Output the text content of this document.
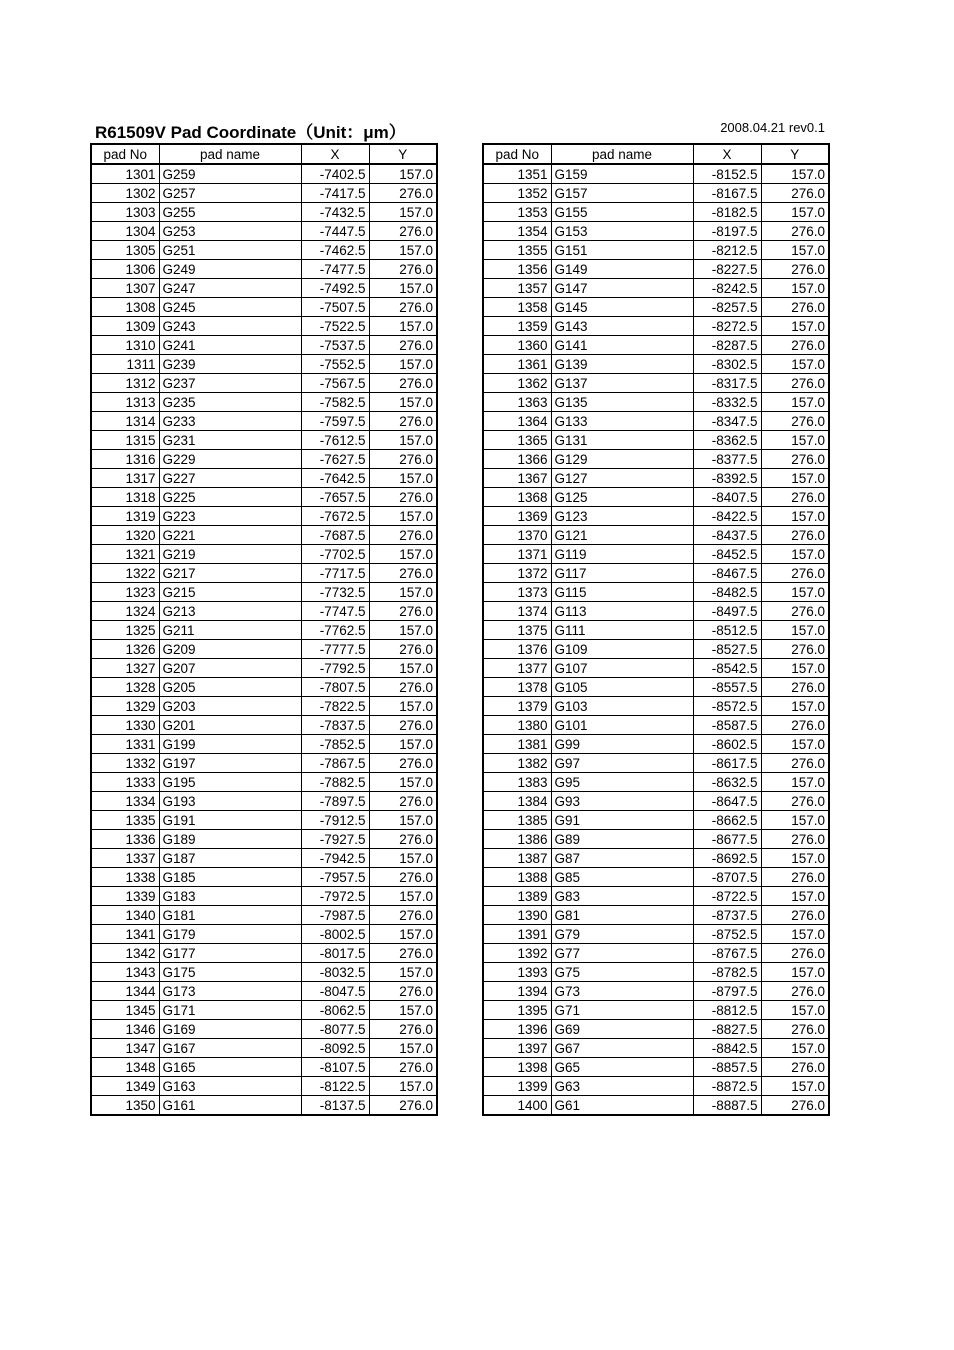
R61509V Pad Coordinate（Unit：μm）	2008.04.21 rev0.1
pad No	pad name	X	Y
1301	G259	-7402.5	157.0
1302	G257	-7417.5	276.0
1303	G255	-7432.5	157.0
1304	G253	-7447.5	276.0
1305	G251	-7462.5	157.0
1306	G249	-7477.5	276.0
1307	G247	-7492.5	157.0
1308	G245	-7507.5	276.0
1309	G243	-7522.5	157.0
1310	G241	-7537.5	276.0
1311	G239	-7552.5	157.0
1312	G237	-7567.5	276.0
1313	G235	-7582.5	157.0
1314	G233	-7597.5	276.0
1315	G231	-7612.5	157.0
1316	G229	-7627.5	276.0
1317	G227	-7642.5	157.0
1318	G225	-7657.5	276.0
1319	G223	-7672.5	157.0
1320	G221	-7687.5	276.0
1321	G219	-7702.5	157.0
1322	G217	-7717.5	276.0
1323	G215	-7732.5	157.0
1324	G213	-7747.5	276.0
1325	G211	-7762.5	157.0
1326	G209	-7777.5	276.0
1327	G207	-7792.5	157.0
1328	G205	-7807.5	276.0
1329	G203	-7822.5	157.0
1330	G201	-7837.5	276.0
1331	G199	-7852.5	157.0
1332	G197	-7867.5	276.0
1333	G195	-7882.5	157.0
1334	G193	-7897.5	276.0
1335	G191	-7912.5	157.0
1336	G189	-7927.5	276.0
1337	G187	-7942.5	157.0
1338	G185	-7957.5	276.0
1339	G183	-7972.5	157.0
1340	G181	-7987.5	276.0
1341	G179	-8002.5	157.0
1342	G177	-8017.5	276.0
1343	G175	-8032.5	157.0
1344	G173	-8047.5	276.0
1345	G171	-8062.5	157.0
1346	G169	-8077.5	276.0
1347	G167	-8092.5	157.0
1348	G165	-8107.5	276.0
1349	G163	-8122.5	157.0
1350	G161	-8137.5	276.0
pad No	pad name	X	Y
1351	G159	-8152.5	157.0
1352	G157	-8167.5	276.0
1353	G155	-8182.5	157.0
1354	G153	-8197.5	276.0
1355	G151	-8212.5	157.0
1356	G149	-8227.5	276.0
1357	G147	-8242.5	157.0
1358	G145	-8257.5	276.0
1359	G143	-8272.5	157.0
1360	G141	-8287.5	276.0
1361	G139	-8302.5	157.0
1362	G137	-8317.5	276.0
1363	G135	-8332.5	157.0
1364	G133	-8347.5	276.0
1365	G131	-8362.5	157.0
1366	G129	-8377.5	276.0
1367	G127	-8392.5	157.0
1368	G125	-8407.5	276.0
1369	G123	-8422.5	157.0
1370	G121	-8437.5	276.0
1371	G119	-8452.5	157.0
1372	G117	-8467.5	276.0
1373	G115	-8482.5	157.0
1374	G113	-8497.5	276.0
1375	G111	-8512.5	157.0
1376	G109	-8527.5	276.0
1377	G107	-8542.5	157.0
1378	G105	-8557.5	276.0
1379	G103	-8572.5	157.0
1380	G101	-8587.5	276.0
1381	G99	-8602.5	157.0
1382	G97	-8617.5	276.0
1383	G95	-8632.5	157.0
1384	G93	-8647.5	276.0
1385	G91	-8662.5	157.0
1386	G89	-8677.5	276.0
1387	G87	-8692.5	157.0
1388	G85	-8707.5	276.0
1389	G83	-8722.5	157.0
1390	G81	-8737.5	276.0
1391	G79	-8752.5	157.0
1392	G77	-8767.5	276.0
1393	G75	-8782.5	157.0
1394	G73	-8797.5	276.0
1395	G71	-8812.5	157.0
1396	G69	-8827.5	276.0
1397	G67	-8842.5	157.0
1398	G65	-8857.5	276.0
1399	G63	-8872.5	157.0
1400	G61	-8887.5	276.0
